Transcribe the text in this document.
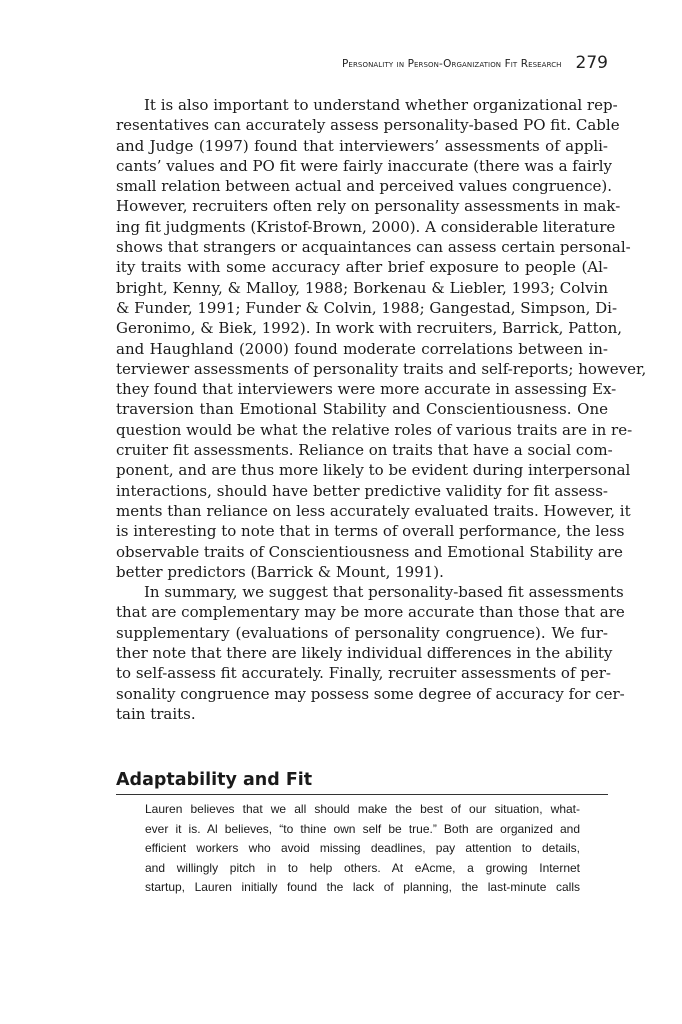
Personality in Person-Organization Fit Research 279
It is also important to understand whether organizational rep-
resentatives can accurately assess personality-based PO fit. Cable
and Judge (1997) found that interviewers’ assessments of appli-
cants’ values and PO fit were fairly inaccurate (there was a fairly
small relation between actual and perceived values congruence).
However, recruiters often rely on personality assessments in mak-
ing fit judgments (Kristof-Brown, 2000). A considerable literature
shows that strangers or acquaintances can assess certain personal-
ity traits with some accuracy after brief exposure to people (Al-
bright, Kenny, & Malloy, 1988; Borkenau & Liebler, 1993; Colvin
& Funder, 1991; Funder & Colvin, 1988; Gangestad, Simpson, Di-
Geronimo, & Biek, 1992). In work with recruiters, Barrick, Patton,
and Haughland (2000) found moderate correlations between in-
terviewer assessments of personality traits and self-reports; however,
they found that interviewers were more accurate in assessing Ex-
traversion than Emotional Stability and Conscientiousness. One
question would be what the relative roles of various traits are in re-
cruiter fit assessments. Reliance on traits that have a social com-
ponent, and are thus more likely to be evident during interpersonal
interactions, should have better predictive validity for fit assess-
ments than reliance on less accurately evaluated traits. However, it
is interesting to note that in terms of overall performance, the less
observable traits of Conscientiousness and Emotional Stability are
better predictors (Barrick & Mount, 1991).
In summary, we suggest that personality-based fit assessments
that are complementary may be more accurate than those that are
supplementary (evaluations of personality congruence). We fur-
ther note that there are likely individual differences in the ability
to self-assess fit accurately. Finally, recruiter assessments of per-
sonality congruence may possess some degree of accuracy for cer-
tain traits.
Adaptability and Fit
Lauren believes that we all should make the best of our situation, what-
ever it is. Al believes, “to thine own self be true.” Both are organized and
efficient workers who avoid missing deadlines, pay attention to details,
and willingly pitch in to help others. At eAcme, a growing Internet
startup, Lauren initially found the lack of planning, the last-minute calls
